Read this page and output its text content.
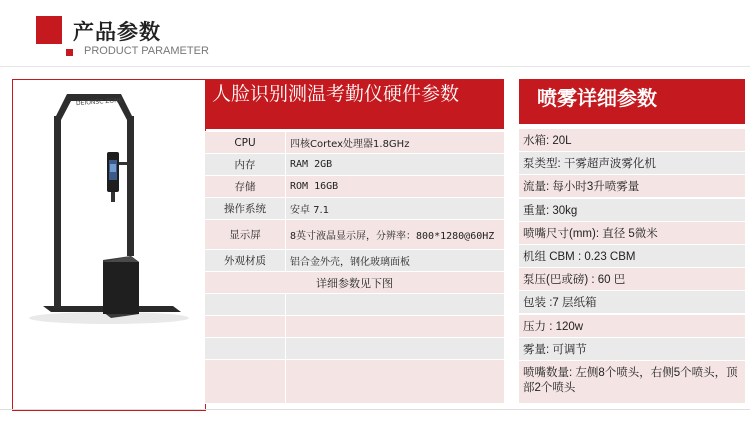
产品参数
PRODUCT PARAMETER
DEIONSC ZONE	人脸识别测温考勤仪硬件参数
CPU	四核Cortex处理器1.8GHz
内存	RAM 2GB
存储	ROM 16GB
操作系统	安卓 7.1
显示屏	8英寸液晶显示屏，分辨率：800*1280@60HZ
外观材质	铝合金外壳，钢化玻璃面板
详细参数见下图	

喷雾详细参数
水箱: 20L
泵类型: 干雾超声波雾化机
流量: 每小时3升喷雾量
重量: 30kg
喷嘴尺寸(mm): 直径 5微米
机组 CBM : 0.23 CBM
泵压(巴或磅) : 60 巴
包装 :7 层纸箱
压力 : 120w
雾量: 可调节
喷嘴数量: 左侧8个喷头，右侧5个喷头，顶部2个喷头
